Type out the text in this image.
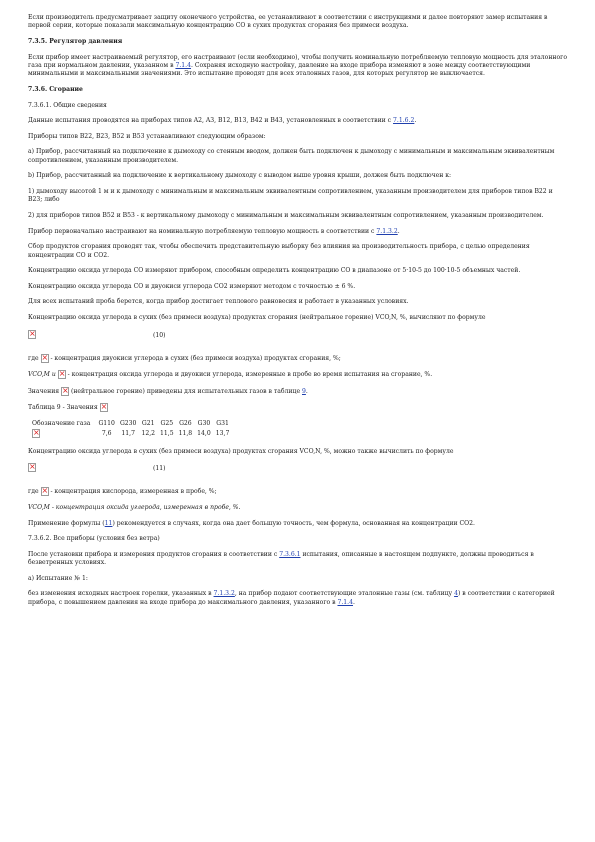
Если производитель предусматривает защиту оконечного устройства, ее устанавливают в соответствии с инструкциями и далее повторяют замер испытания в первой серии, которые показали максимальную концентрацию CO в сухих продуктах сгорания без примеси воздуха.

7.3.5. Регулятор давления

Если прибор имеет настраиваемый регулятор, его настраивают (если необходимо), чтобы получить номинальную потребляемую тепловую мощность для эталонного газа при нормальном давлении, указанном в 7.1.4. Сохраняя исходную настройку, давление на входе прибора изменяют в зоне между соответствующими минимальными и максимальными значениями. Это испытание проводят для всех эталонных газов, для которых регулятор не выключается.

7.3.6. Сгорание

7.3.6.1. Общие сведения

Данные испытания проводятся на приборах типов A2, A3, B12, B13, B42 и B43, установленных в соответствии с 7.1.6.2.

Приборы типов B22, B23, B52 и B53 устанавливают следующим образом:

a) Прибор, рассчитанный на подключение к дымоходу со стенным вводом, должен быть подключен к дымоходу с минимальным и максимальным эквивалентным сопротивлением, указанным производителем.

b) Прибор, рассчитанный на подключение к вертикальному дымоходу с выводом выше уровня крыши, должен быть подключен к:

1) дымоходу высотой 1 м и к дымоходу с минимальным и максимальным эквивалентным сопротивлением, указанным производителем для приборов типов B22 и B23; либо

2) для приборов типов B52 и B53 - к вертикальному дымоходу с минимальным и максимальным эквивалентным сопротивлением, указанным производителем.

Прибор первоначально настраивают на номинальную потребляемую тепловую мощность в соответствии с 7.1.3.2.

Сбор продуктов сгорания проводят так, чтобы обеспечить представительную выборку без влияния на производительность прибора, с целью определения концентрации CO и CO2.

Концентрацию оксида углерода CO измеряют прибором, способным определить концентрацию CO в диапазоне от 5·10-5 до 100·10-5 объемных частей.

Концентрацию оксида углерода CO и двуокиси углерода CO2 измеряют методом с точностью ± 6 %.

Для всех испытаний проба берется, когда прибор достигает теплового равновесия и работает в указанных условиях.

Концентрацию оксида углерода в сухих (без примеси воздуха) продуктах сгорания (нейтральное горение) VCO,N, %, вычисляют по формуле

×
(10)

где × - концентрация двуокиси углерода в сухих (без примеси воздуха) продуктах сгорания, %;

VCO,M и × - концентрация оксида углерода и двуокиси углерода, измеренные в пробе во время испытания на сгорание, %.

Значения × (нейтральное горение) приведены для испытательных газов в таблице 9.

Таблица 9 - Значения ×

Обозначение газа	G110	G230	G21	G25	G26	G30	G31
×	7,6	11,7	12,2	11,5	11,8	14,0	13,7

Концентрацию оксида углерода в сухих (без примеси воздуха) продуктах сгорания VCO,N, %, можно также вычислить по формуле

×
(11)

где × - концентрация кислорода, измеренная в пробе, %;

VCO,M - концентрация оксида углерода, измеренная в пробе, %.

Применение формулы (11) рекомендуется в случаях, когда она дает большую точность, чем формула, основанная на концентрации CO2.

7.3.6.2. Все приборы (условия без ветра)

После установки прибора и измерения продуктов сгорания в соответствии с 7.3.6.1 испытания, описанные в настоящем подпункте, должны проводиться в безветренных условиях.

a) Испытание № 1:

без изменения исходных настроек горелки, указанных в 7.1.3.2, на прибор подают соответствующие эталонные газы (см. таблицу 4) в соответствии с категорией прибора, с повышением давления на входе прибора до максимального давления, указанного в 7.1.4.
